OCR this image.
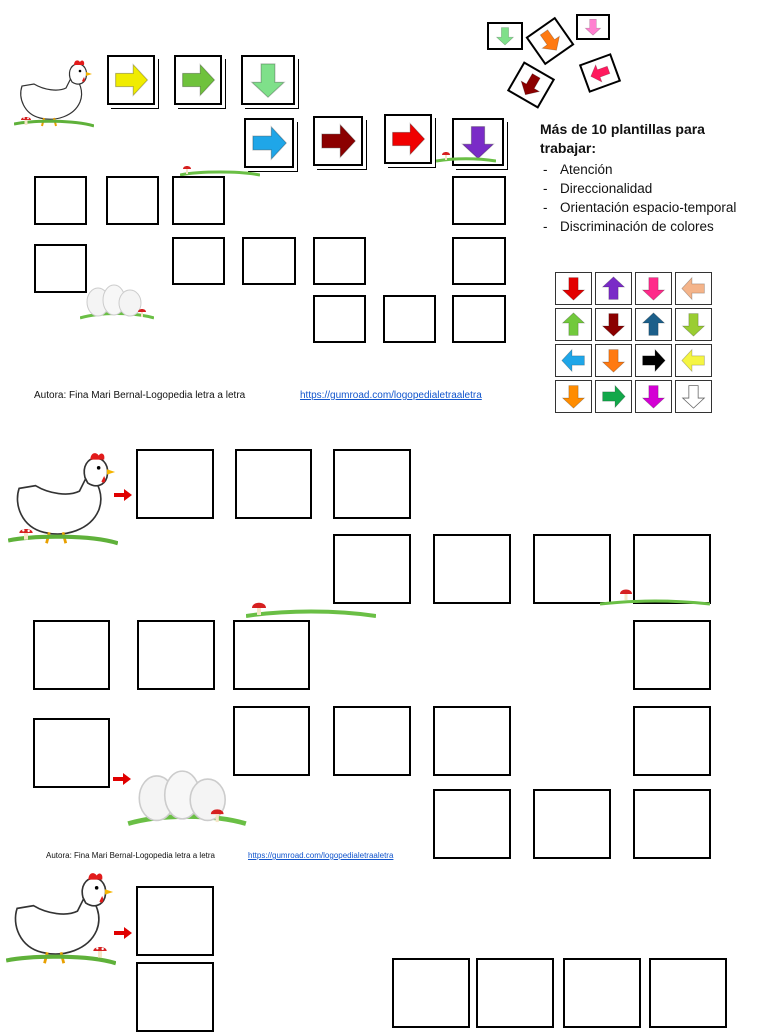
Más de 10 plantillas para trabajar:
- Atención
- Direccionalidad
- Orientación espacio-temporal
- Discriminación de colores
Autora: Fina Mari Bernal-Logopedia letra a letra	https://gumroad.com/logopedialetraaletra
Autora: Fina Mari Bernal-Logopedia letra a letra	https://gumroad.com/logopedialetraaletra
